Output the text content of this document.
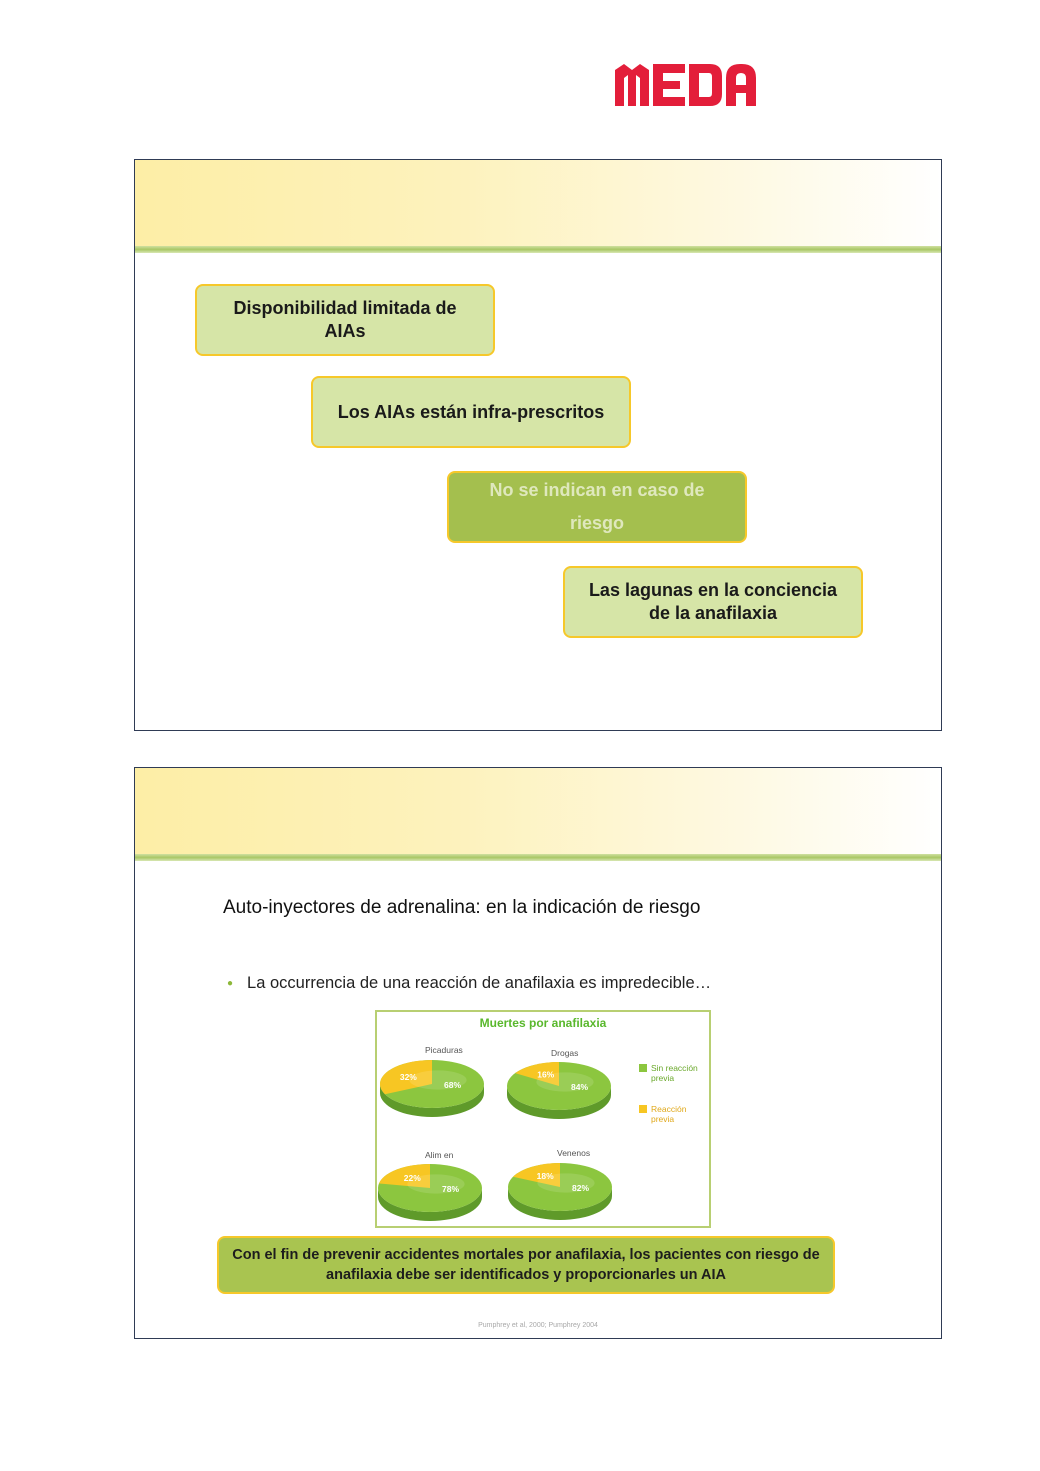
Disponibilidad limitada de AIAs
Los AIAs están infra-prescritos
No se indican en caso de riesgo
Las lagunas en la conciencia de la anafilaxia
Auto-inyectores de adrenalina: en la indicación de riesgo
● La occurrencia de una reacción de anafilaxia es impredecible…
Muertes por anafilaxia
Picaduras	Drogas
Alim en	Venenos
68%
32%
84%
16%
78%
22%
82%
18%
Sin reacción previa
Reacción previa
Con el fin de prevenir accidentes mortales por anafilaxia, los pacientes con riesgo de anafilaxia debe ser identificados y proporcionarles un AIA
Pumphrey et al, 2000; Pumphrey 2004
